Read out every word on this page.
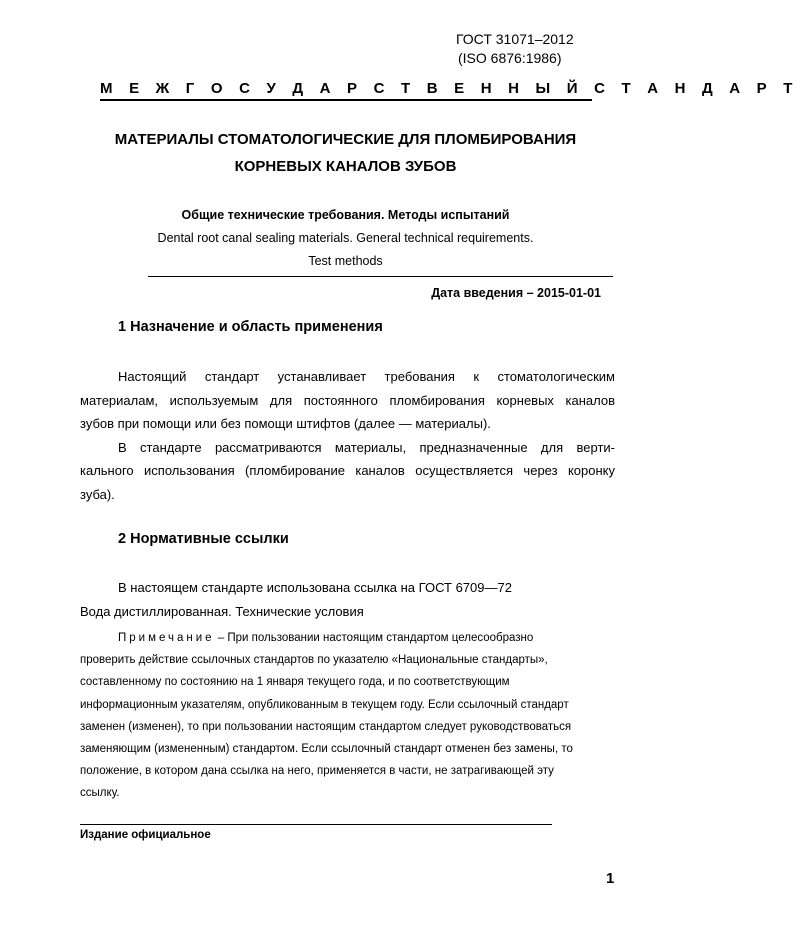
ГОСТ 31071–2012
(ISO 6876:1986)
М Е Ж Г О С У Д А Р С Т В Е Н Н Ы Й С Т А Н Д А Р Т
МАТЕРИАЛЫ СТОМАТОЛОГИЧЕСКИЕ ДЛЯ ПЛОМБИРОВАНИЯ
КОРНЕВЫХ КАНАЛОВ ЗУБОВ
Общие технические требования. Методы испытаний
Dental root canal sealing materials. General technical requirements.
Test methods
Дата введения – 2015-01-01
1 Назначение и область применения
Настоящий стандарт устанавливает требования к стоматологическим
материалам, используемым для постоянного пломбирования корневых каналов
зубов при помощи или без помощи штифтов (далее — материалы).
В стандарте рассматриваются материалы, предназначенные для верти-
кального использования (пломбирование каналов осуществляется через коронку
зуба).
2 Нормативные ссылки
В настоящем стандарте использована ссылка на ГОСТ 6709—72
Вода дистиллированная. Технические условия
Примечание – При пользовании настоящим стандартом целесообразно
проверить действие ссылочных стандартов по указателю «Национальные стандарты»,
составленному по состоянию на 1 января текущего года, и по соответствующим
информационным указателям, опубликованным в текущем году. Если ссылочный стандарт
заменен (изменен), то при пользовании настоящим стандартом следует руководствоваться
заменяющим (измененным) стандартом. Если ссылочный стандарт отменен без замены, то
положение, в котором дана ссылка на него, применяется в части, не затрагивающей эту
ссылку.
Издание официальное
1
